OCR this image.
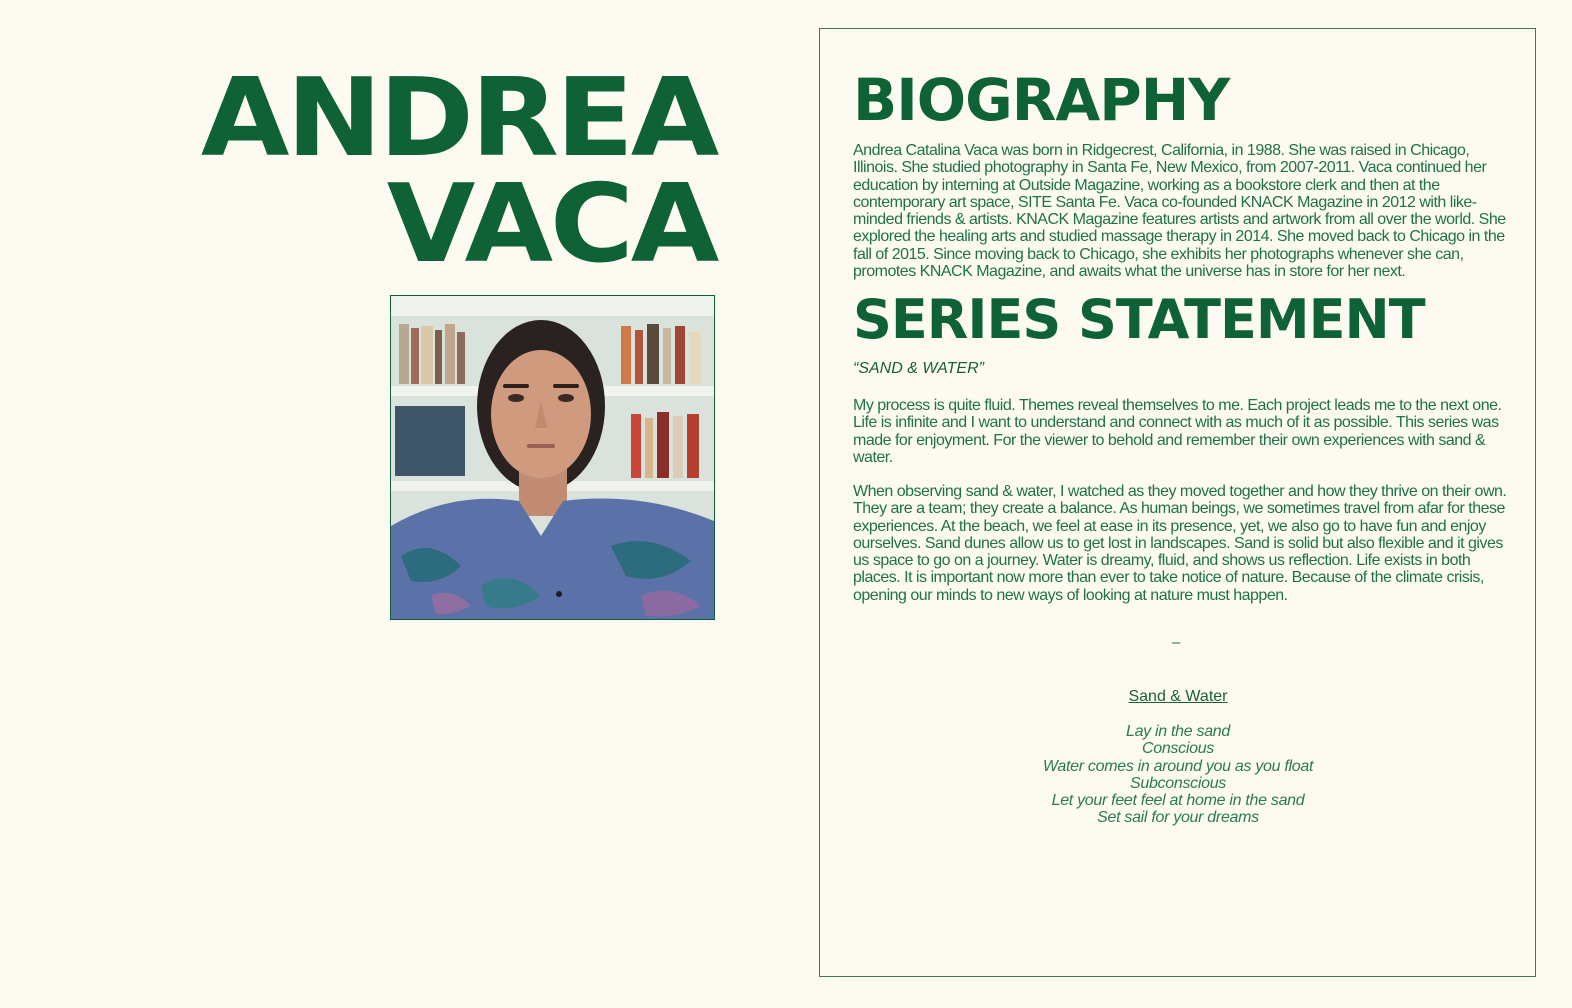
ANDREA
VACA
BIOGRAPHY

Andrea Catalina Vaca was born in Ridgecrest, California, in 1988. She was raised in Chicago, Illinois. She studied photography in Santa Fe, New Mexico, from 2007-2011. Vaca continued her education by interning at Outside Magazine, working as a bookstore clerk and then at the contemporary art space, SITE Santa Fe. Vaca co-founded KNACK Magazine in 2012 with like-minded friends & artists. KNACK Magazine features artists and artwork from all over the world. She explored the healing arts and studied massage therapy in 2014. She moved back to Chicago in the fall of 2015. Since moving back to Chicago, she exhibits her photographs whenever she can, promotes KNACK Magazine, and awaits what the universe has in store for her next.

SERIES STATEMENT

“SAND & WATER”

My process is quite fluid. Themes reveal themselves to me. Each project leads me to the next one. Life is infinite and I want to understand and connect with as much of it as possible. This series was made for enjoyment. For the viewer to behold and remember their own experiences with sand & water.

When observing sand & water, I watched as they moved together and how they thrive on their own. They are a team; they create a balance. As human beings, we sometimes travel from afar for these experiences. At the beach, we feel at ease in its presence, yet, we also go to have fun and enjoy ourselves. Sand dunes allow us to get lost in landscapes. Sand is solid but also flexible and it gives us space to go on a journey. Water is dreamy, fluid, and shows us reflection. Life exists in both places. It is important now more than ever to take notice of nature. Because of the climate crisis, opening our minds to new ways of looking at nature must happen.

–
Sand & Water
Lay in the sand
Conscious
Water comes in around you as you float
Subconscious
Let your feet feel at home in the sand
Set sail for your dreams
